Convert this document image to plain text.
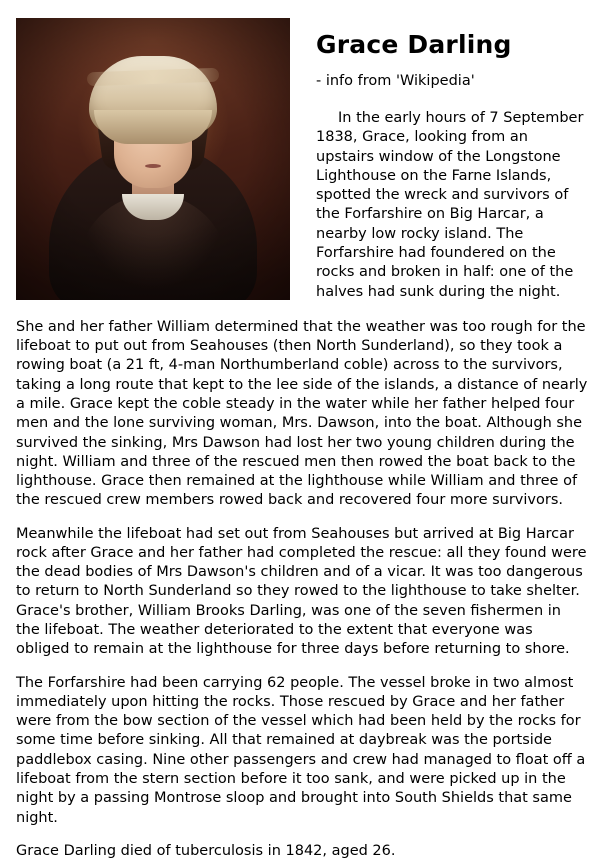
Grace Darling
- info from 'Wikipedia'

In the early hours of 7 September 1838, Grace, looking from an upstairs window of the Longstone Lighthouse on the Farne Islands, spotted the wreck and survivors of the Forfarshire on Big Harcar, a nearby low rocky island. The Forfarshire had foundered on the rocks and broken in half: one of the halves had sunk during the night.

She and her father William determined that the weather was too rough for the lifeboat to put out from Seahouses (then North Sunderland), so they took a rowing boat (a 21 ft, 4-man Northumberland coble) across to the survivors, taking a long route that kept to the lee side of the islands, a distance of nearly a mile. Grace kept the coble steady in the water while her father helped four men and the lone surviving woman, Mrs. Dawson, into the boat. Although she survived the sinking, Mrs Dawson had lost her two young children during the night. William and three of the rescued men then rowed the boat back to the lighthouse. Grace then remained at the lighthouse while William and three of the rescued crew members rowed back and recovered four more survivors.

Meanwhile the lifeboat had set out from Seahouses but arrived at Big Harcar rock after Grace and her father had completed the rescue: all they found were the dead bodies of Mrs Dawson's children and of a vicar. It was too dangerous to return to North Sunderland so they rowed to the lighthouse to take shelter. Grace's brother, William Brooks Darling, was one of the seven fishermen in the lifeboat. The weather deteriorated to the extent that everyone was obliged to remain at the lighthouse for three days before returning to shore.

The Forfarshire had been carrying 62 people. The vessel broke in two almost immediately upon hitting the rocks. Those rescued by Grace and her father were from the bow section of the vessel which had been held by the rocks for some time before sinking. All that remained at daybreak was the portside paddlebox casing. Nine other passengers and crew had managed to float off a lifeboat from the stern section before it too sank, and were picked up in the night by a passing Montrose sloop and brought into South Shields that same night.

Grace Darling died of tuberculosis in 1842, aged 26.
